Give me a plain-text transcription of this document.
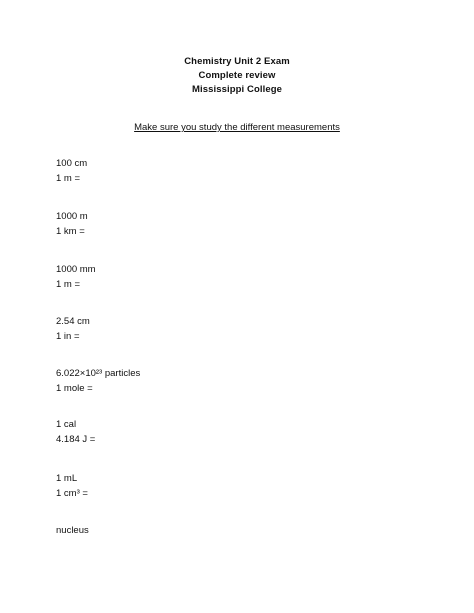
Chemistry Unit 2 Exam
Complete review
Mississippi College
Make sure you study the different measurements
100 cm
1 m =
1000 m
1 km =
1000 mm
1 m =
2.54 cm
1 in =
6.022×10²³ particles
1 mole =
1 cal
4.184 J =
1 mL
1 cm³ =
nucleus
